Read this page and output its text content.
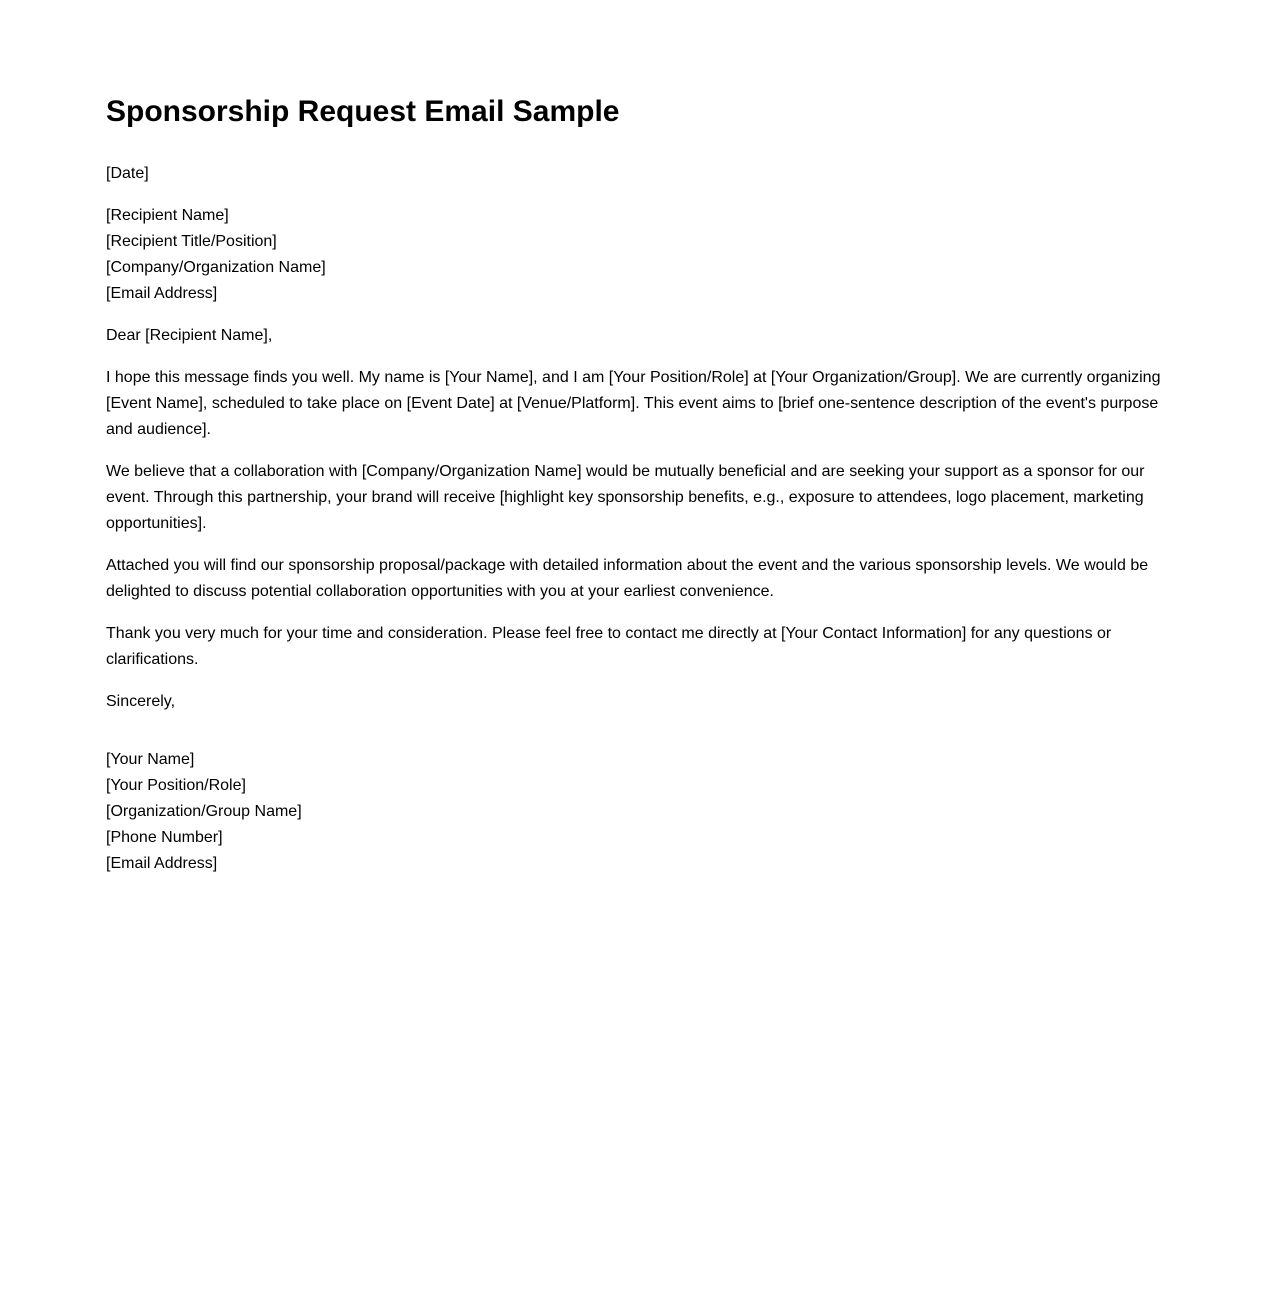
Sponsorship Request Email Sample

[Date]

[Recipient Name]
[Recipient Title/Position]
[Company/Organization Name]
[Email Address]

Dear [Recipient Name],

I hope this message finds you well. My name is [Your Name], and I am [Your Position/Role] at [Your Organization/Group]. We are currently organizing [Event Name], scheduled to take place on [Event Date] at [Venue/Platform]. This event aims to [brief one-sentence description of the event's purpose and audience].

We believe that a collaboration with [Company/Organization Name] would be mutually beneficial and are seeking your support as a sponsor for our event. Through this partnership, your brand will receive [highlight key sponsorship benefits, e.g., exposure to attendees, logo placement, marketing opportunities].

Attached you will find our sponsorship proposal/package with detailed information about the event and the various sponsorship levels. We would be delighted to discuss potential collaboration opportunities with you at your earliest convenience.

Thank you very much for your time and consideration. Please feel free to contact me directly at [Your Contact Information] for any questions or clarifications.

Sincerely,

[Your Name]
[Your Position/Role]
[Organization/Group Name]
[Phone Number]
[Email Address]
